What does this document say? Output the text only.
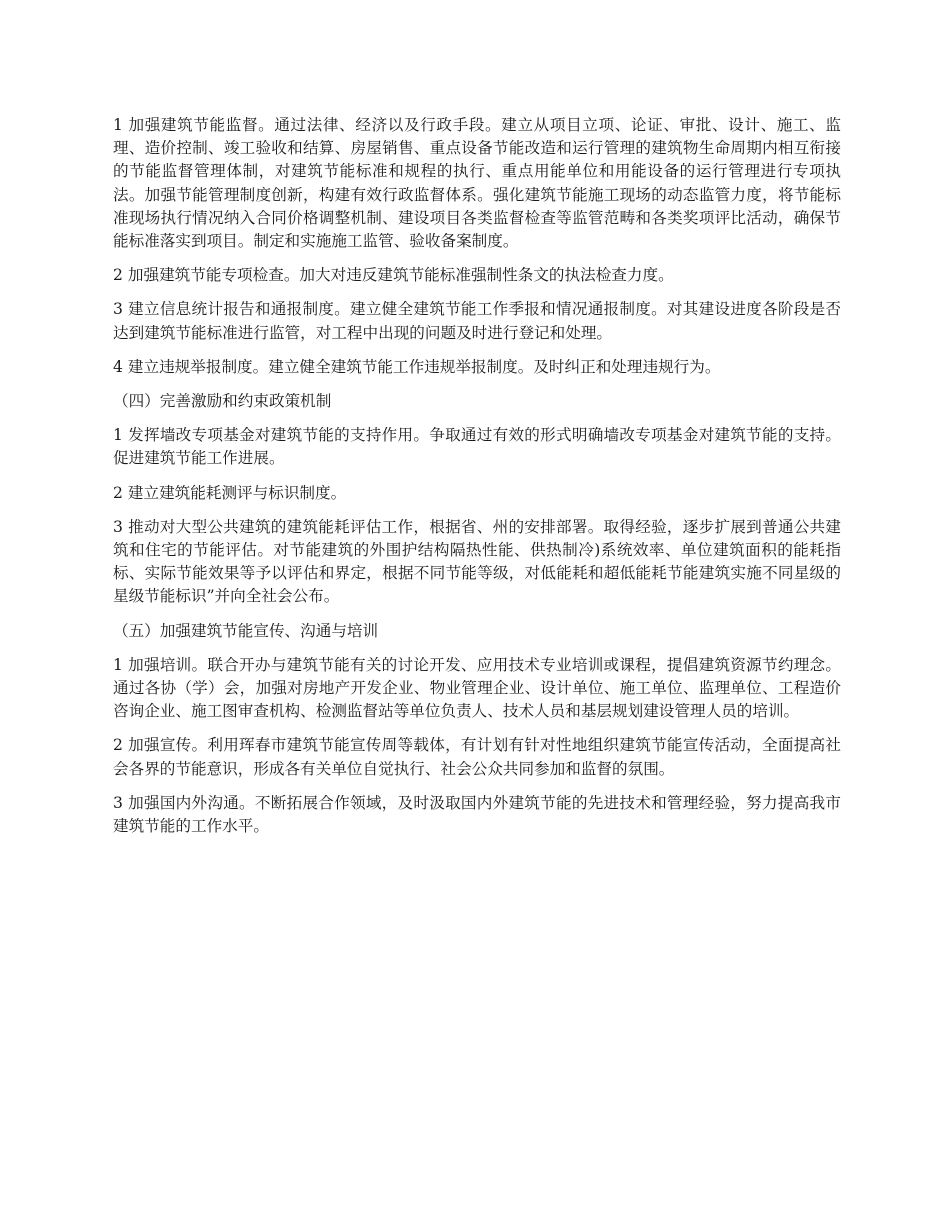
1 加强建筑节能监督。通过法律、经济以及行政手段。建立从项目立项、论证、审批、设计、施工、监理、造价控制、竣工验收和结算、房屋销售、重点设备节能改造和运行管理的建筑物生命周期内相互衔接的节能监督管理体制，对建筑节能标准和规程的执行、重点用能单位和用能设备的运行管理进行专项执法。加强节能管理制度创新，构建有效行政监督体系。强化建筑节能施工现场的动态监管力度，将节能标准现场执行情况纳入合同价格调整机制、建设项目各类监督检查等监管范畴和各类奖项评比活动，确保节能标准落实到项目。制定和实施施工监管、验收备案制度。

2 加强建筑节能专项检查。加大对违反建筑节能标准强制性条文的执法检查力度。

3 建立信息统计报告和通报制度。建立健全建筑节能工作季报和情况通报制度。对其建设进度各阶段是否达到建筑节能标准进行监管，对工程中出现的问题及时进行登记和处理。

4 建立违规举报制度。建立健全建筑节能工作违规举报制度。及时纠正和处理违规行为。

（四）完善激励和约束政策机制

1 发挥墙改专项基金对建筑节能的支持作用。争取通过有效的形式明确墙改专项基金对建筑节能的支持。促进建筑节能工作进展。

2 建立建筑能耗测评与标识制度。

3 推动对大型公共建筑的建筑能耗评估工作，根据省、州的安排部署。取得经验，逐步扩展到普通公共建筑和住宅的节能评估。对节能建筑的外围护结构隔热性能、供热制冷)系统效率、单位建筑面积的能耗指标、实际节能效果等予以评估和界定，根据不同节能等级，对低能耗和超低能耗节能建筑实施不同星级的星级节能标识”并向全社会公布。

（五）加强建筑节能宣传、沟通与培训

1 加强培训。联合开办与建筑节能有关的讨论开发、应用技术专业培训或课程，提倡建筑资源节约理念。通过各协（学）会，加强对房地产开发企业、物业管理企业、设计单位、施工单位、监理单位、工程造价咨询企业、施工图审查机构、检测监督站等单位负责人、技术人员和基层规划建设管理人员的培训。

2 加强宣传。利用珲春市建筑节能宣传周等载体，有计划有针对性地组织建筑节能宣传活动，全面提高社会各界的节能意识，形成各有关单位自觉执行、社会公众共同参加和监督的氛围。

3 加强国内外沟通。不断拓展合作领域，及时汲取国内外建筑节能的先进技术和管理经验，努力提高我市建筑节能的工作水平。
